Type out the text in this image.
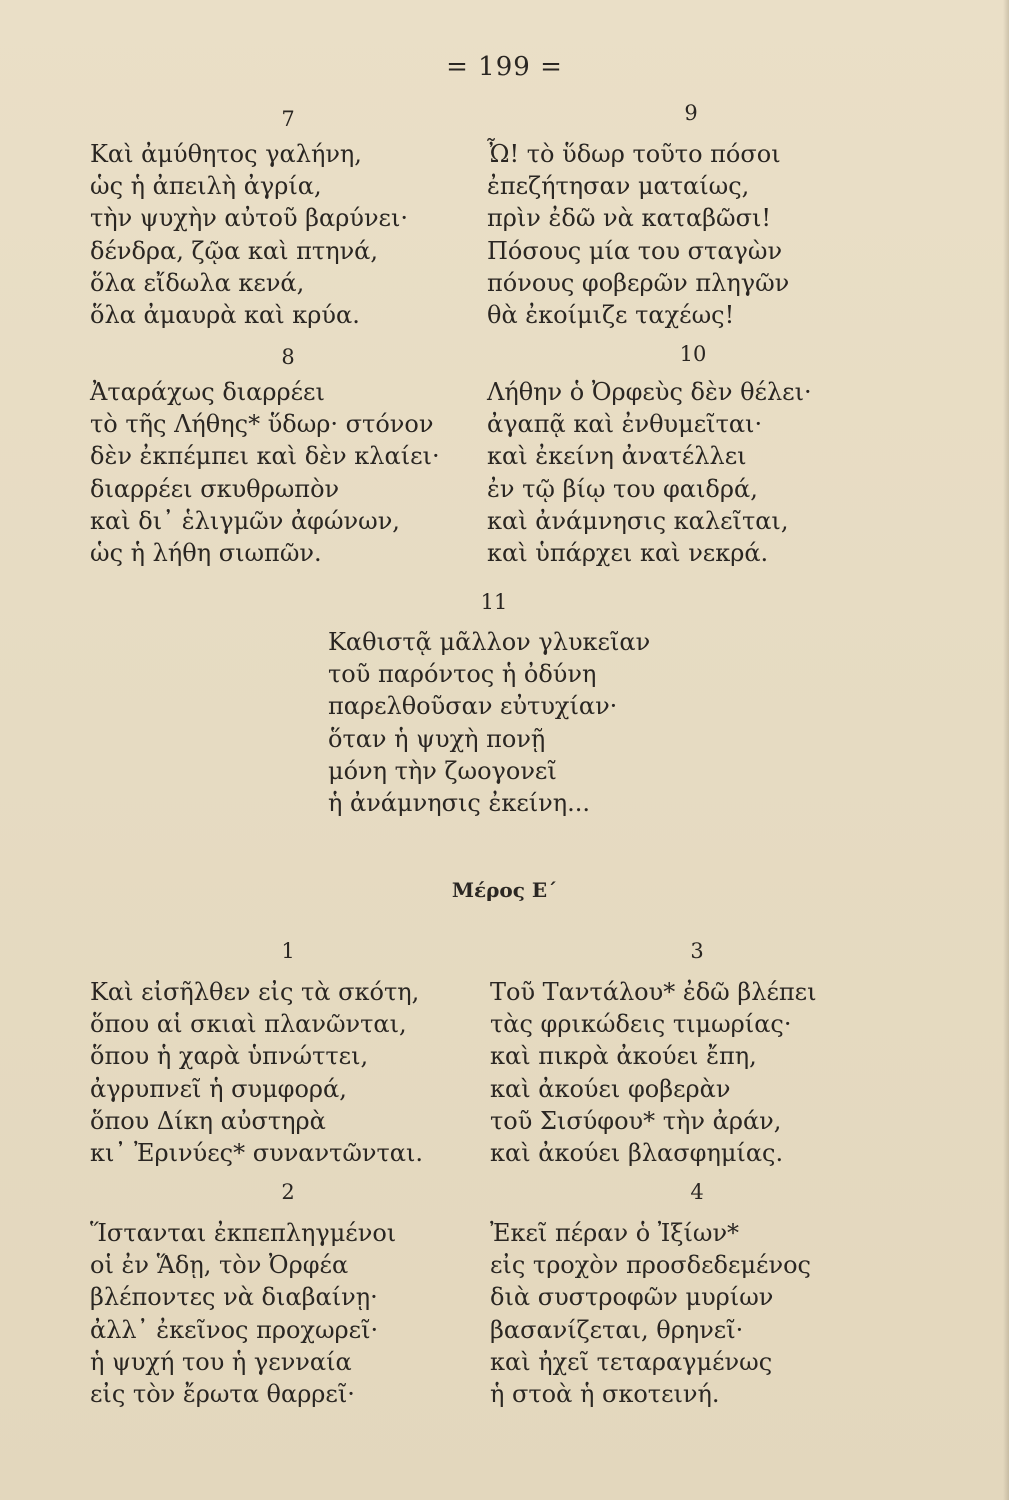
= 199 =
7
Καὶ ἀμύθητος γαλήνη,
ὡς ἡ ἀπειλὴ ἀγρία,
τὴν ψυχὴν αὐτοῦ βαρύνει·
δένδρα, ζῷα καὶ πτηνά,
ὅλα εἴδωλα κενά,
ὅλα ἀμαυρὰ καὶ κρύα.
9
Ὦ! τὸ ὕδωρ τοῦτο πόσοι
ἐπεζήτησαν ματαίως,
πρὶν ἐδῶ νὰ καταβῶσι!
Πόσους μία του σταγὼν
πόνους φοβερῶν πληγῶν
θὰ ἐκοίμιζε ταχέως!
8
Ἀταράχως διαρρέει
τὸ τῆς Λήθης* ὕδωρ· στόνον
δὲν ἐκπέμπει καὶ δὲν κλαίει·
διαρρέει σκυθρωπὸν
καὶ δι᾽ ἑλιγμῶν ἀφώνων,
ὡς ἡ λήθη σιωπῶν.
10
Λήθην ὁ Ὀρφεὺς δὲν θέλει·
ἀγαπᾷ καὶ ἐνθυμεῖται·
καὶ ἐκείνη ἀνατέλλει
ἐν τῷ βίῳ του φαιδρά,
καὶ ἀνάμνησις καλεῖται,
καὶ ὑπάρχει καὶ νεκρά.
11
Καθιστᾷ μᾶλλον γλυκεῖαν
τοῦ παρόντος ἡ ὀδύνη
παρελθοῦσαν εὐτυχίαν·
ὅταν ἡ ψυχὴ πονῇ
μόνη τὴν ζωογονεῖ
ἡ ἀνάμνησις ἐκείνη...
Μέρος Ε΄
1
Καὶ εἰσῆλθεν εἰς τὰ σκότη,
ὅπου αἱ σκιαὶ πλανῶνται,
ὅπου ἡ χαρὰ ὑπνώττει,
ἀγρυπνεῖ ἡ συμφορά,
ὅπου Δίκη αὐστηρὰ
κι᾽ Ἐρινύες* συναντῶνται.
3
Τοῦ Ταντάλου* ἐδῶ βλέπει
τὰς φρικώδεις τιμωρίας·
καὶ πικρὰ ἀκούει ἔπη,
καὶ ἀκούει φοβερὰν
τοῦ Σισύφου* τὴν ἀράν,
καὶ ἀκούει βλασφημίας.
2
Ἵστανται ἐκπεπληγμένοι
οἱ ἐν Ἅδῃ, τὸν Ὀρφέα
βλέποντες νὰ διαβαίνῃ·
ἀλλ᾽ ἐκεῖνος προχωρεῖ·
ἡ ψυχή του ἡ γενναία
εἰς τὸν ἔρωτα θαρρεῖ·
4
Ἐκεῖ πέραν ὁ Ἰξίων*
εἰς τροχὸν προσδεδεμένος
διὰ συστροφῶν μυρίων
βασανίζεται, θρηνεῖ·
καὶ ἠχεῖ τεταραγμένως
ἡ στοὰ ἡ σκοτεινή.
